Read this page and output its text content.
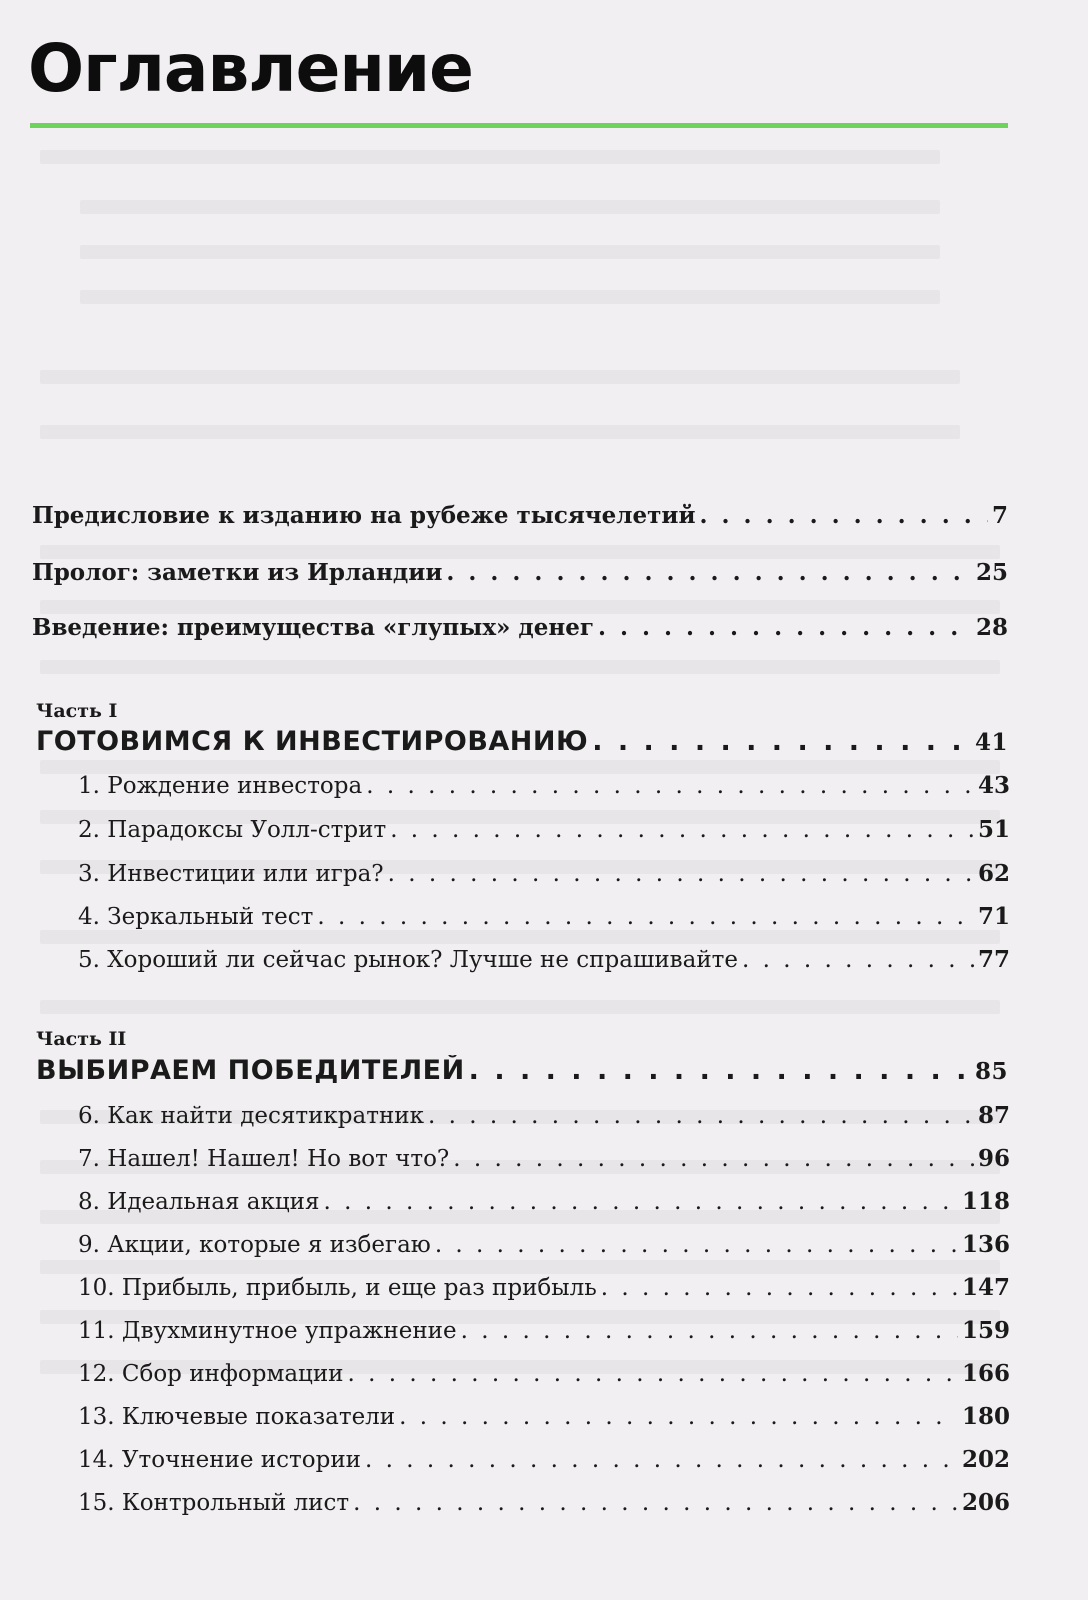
Оглавление
Предисловие к изданию на рубеже тысячелетий . . .	7
Пролог: заметки из Ирландии . . .	25
Введение: преимущества «глупых» денег . . .	28
Часть I
ГОТОВИМСЯ К ИНВЕСТИРОВАНИЮ . . .	41
1. Рождение инвестора . . .	43
2. Парадоксы Уолл-стрит . . .	51
3. Инвестиции или игра? . . .	62
4. Зеркальный тест . . .	71
5. Хороший ли сейчас рынок? Лучше не спрашивайте . . .	77
Часть II
ВЫБИРАЕМ ПОБЕДИТЕЛЕЙ . . .	85
6. Как найти десятикратник . . .	87
7. Нашел! Нашел! Но вот что? . . .	96
8. Идеальная акция . . .	118
9. Акции, которые я избегаю . . .	136
10. Прибыль, прибыль, и еще раз прибыль . . .	147
11. Двухминутное упражнение . . .	159
12. Сбор информации . . .	166
13. Ключевые показатели . . .	180
14. Уточнение истории . . .	202
15. Контрольный лист . . .	206
